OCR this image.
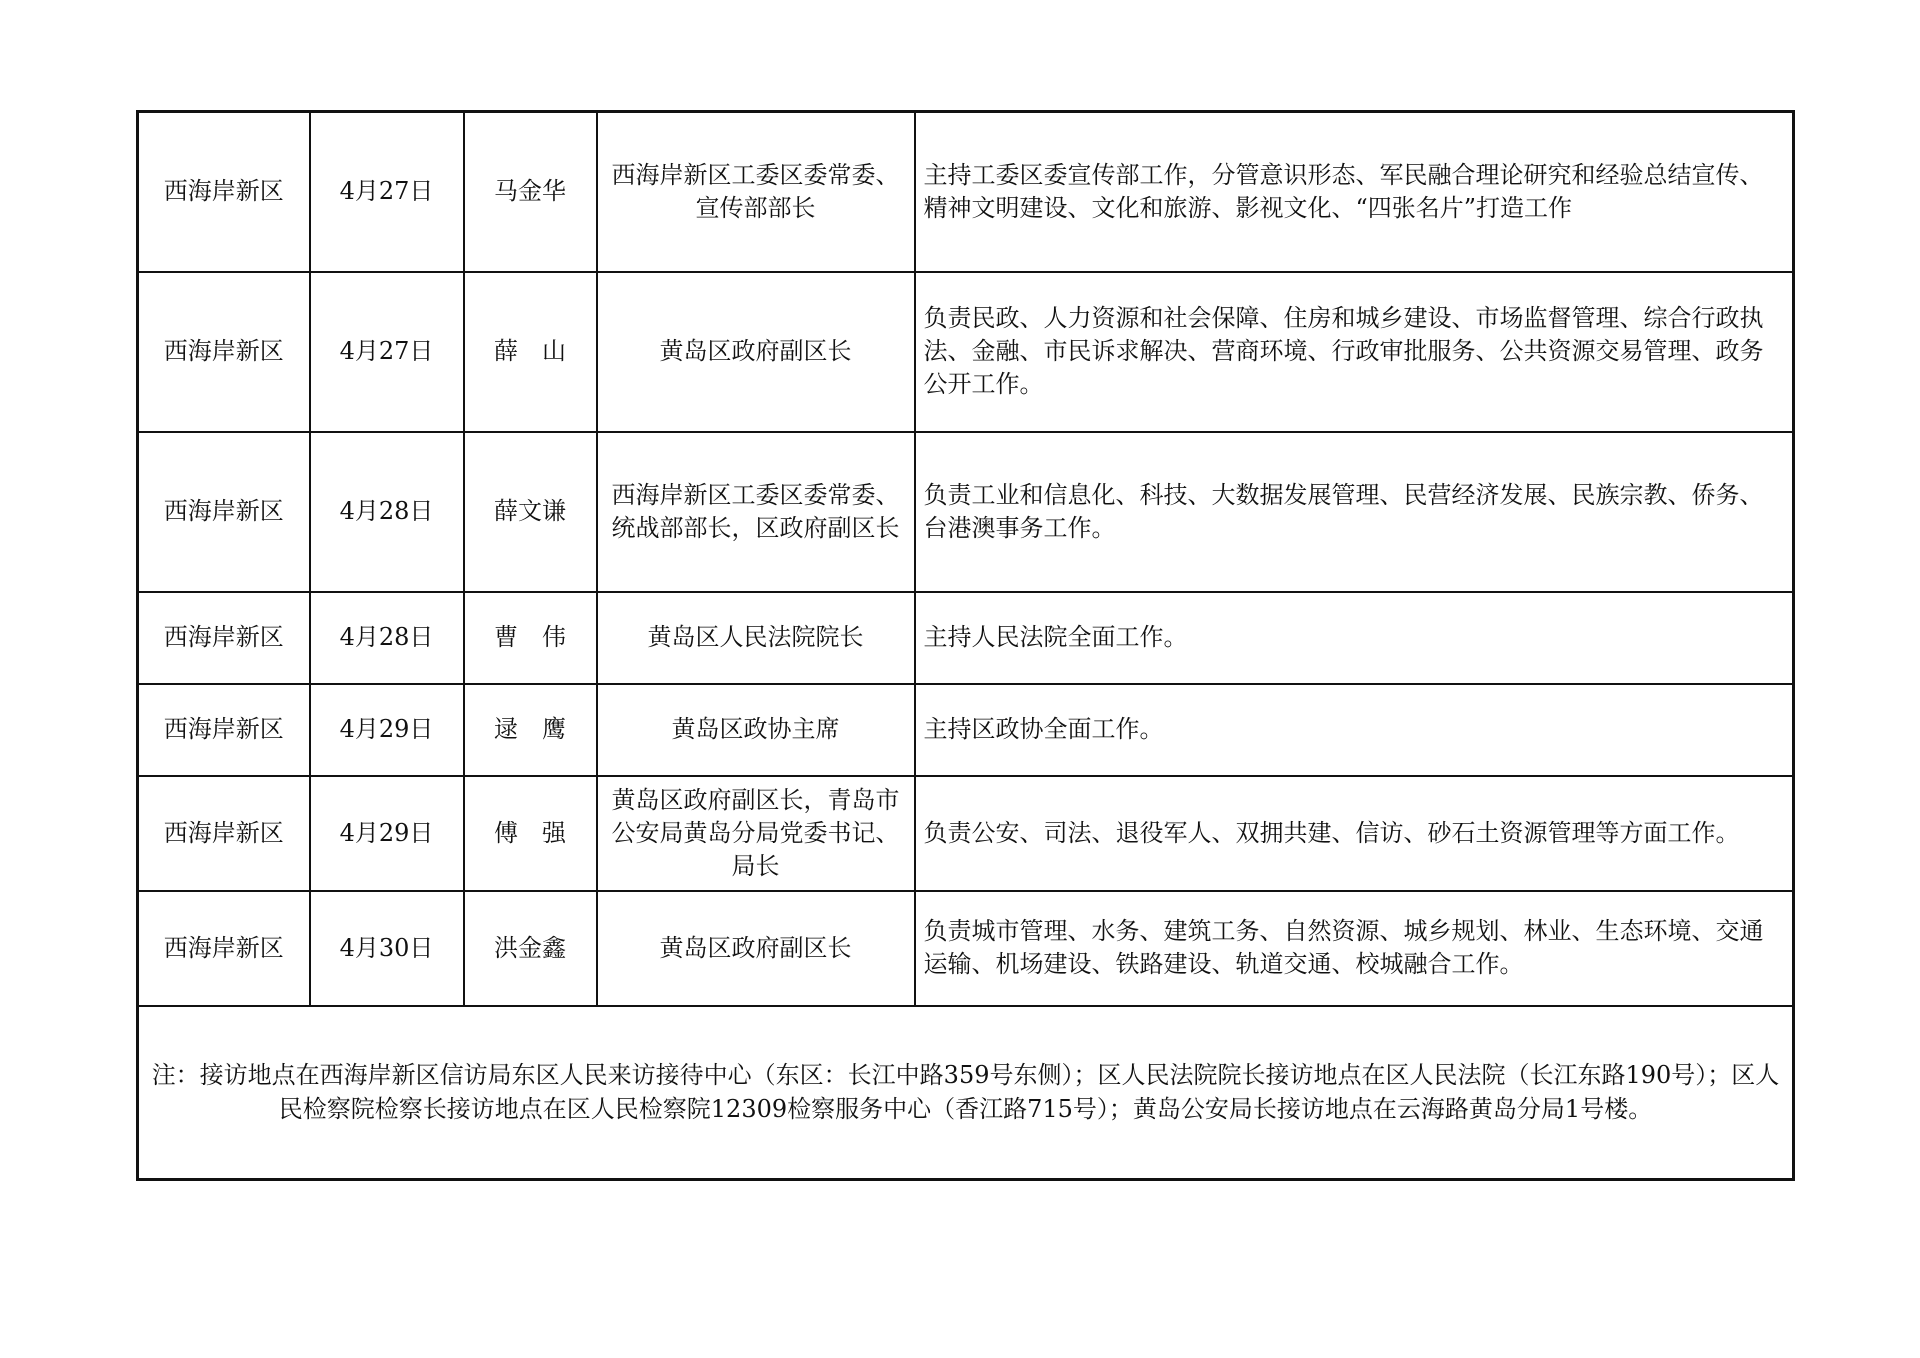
西海岸新区	4月27日	马金华	西海岸新区工委区委常委、宣传部部长	主持工委区委宣传部工作，分管意识形态、军民融合理论研究和经验总结宣传、精神文明建设、文化和旅游、影视文化、“四张名片”打造工作
西海岸新区	4月27日	薛　山	黄岛区政府副区长	负责民政、人力资源和社会保障、住房和城乡建设、市场监督管理、综合行政执法、金融、市民诉求解决、营商环境、行政审批服务、公共资源交易管理、政务公开工作。
西海岸新区	4月28日	薛文谦	西海岸新区工委区委常委、统战部部长，区政府副区长	负责工业和信息化、科技、大数据发展管理、民营经济发展、民族宗教、侨务、台港澳事务工作。
西海岸新区	4月28日	曹　伟	黄岛区人民法院院长	主持人民法院全面工作。
西海岸新区	4月29日	逯　鹰	黄岛区政协主席	主持区政协全面工作。
西海岸新区	4月29日	傅　强	黄岛区政府副区长，青岛市公安局黄岛分局党委书记、局长	负责公安、司法、退役军人、双拥共建、信访、砂石土资源管理等方面工作。
西海岸新区	4月30日	洪金鑫	黄岛区政府副区长	负责城市管理、水务、建筑工务、自然资源、城乡规划、林业、生态环境、交通运输、机场建设、铁路建设、轨道交通、校城融合工作。
注：接访地点在西海岸新区信访局东区人民来访接待中心（东区：长江中路359号东侧）；区人民法院院长接访地点在区人民法院（长江东路190号）；区人民检察院检察长接访地点在区人民检察院12309检察服务中心（香江路715号）；黄岛公安局长接访地点在云海路黄岛分局1号楼。				
